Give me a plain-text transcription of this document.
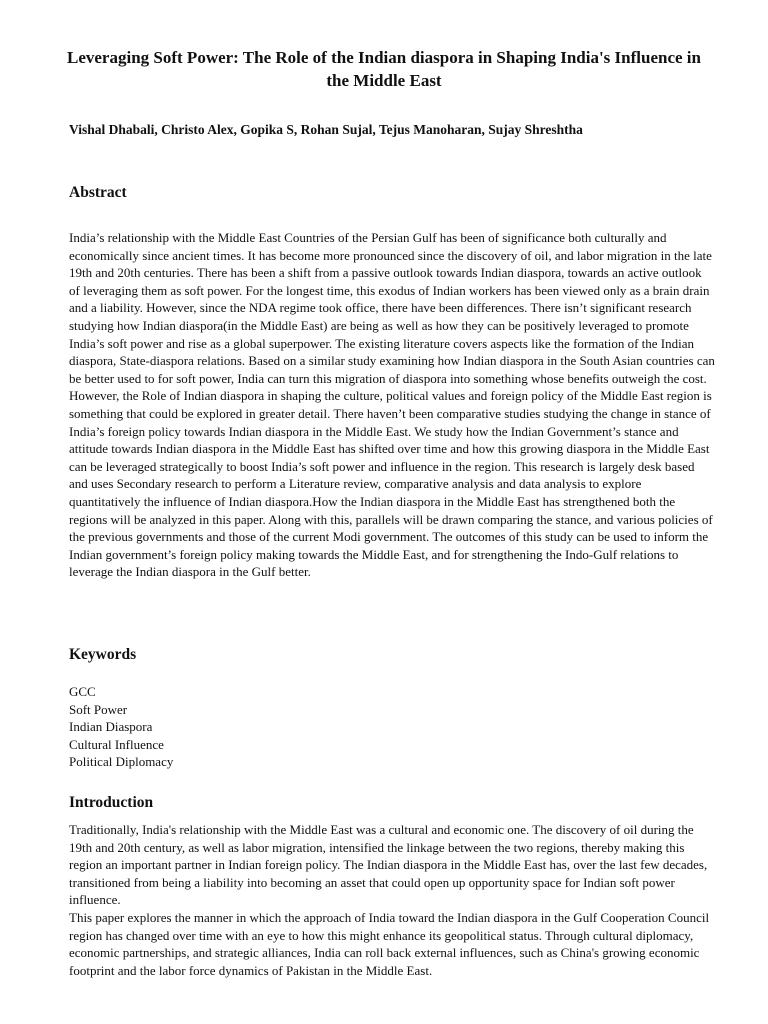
Leveraging Soft Power: The Role of the Indian diaspora in Shaping India's Influence in the Middle East
Vishal Dhabali, Christo Alex, Gopika S, Rohan Sujal, Tejus Manoharan, Sujay Shreshtha
Abstract

India’s relationship with the Middle East Countries of the Persian Gulf has been of significance both culturally and economically since ancient times. It has become more pronounced since the discovery of oil, and labor migration in the late 19th and 20th centuries. There has been a shift from a passive outlook towards Indian diaspora, towards an active outlook of leveraging them as soft power. For the longest time, this exodus of Indian workers has been viewed only as a brain drain and a liability. However, since the NDA regime took office, there have been differences. There isn’t significant research studying how Indian diaspora(in the Middle East) are being as well as how they can be positively leveraged to promote India’s soft power and rise as a global superpower. The existing literature covers aspects like the formation of the Indian diaspora, State-diaspora relations. Based on a similar study examining how Indian diaspora in the South Asian countries can be better used to for soft power, India can turn this migration of diaspora into something whose benefits outweigh the cost. However, the Role of Indian diaspora in shaping the culture, political values and foreign policy of the Middle East region is something that could be explored in greater detail. There haven’t been comparative studies studying the change in stance of India’s foreign policy towards Indian diaspora in the Middle East. We study how the Indian Government’s stance and attitude towards Indian diaspora in the Middle East has shifted over time and how this growing diaspora in the Middle East can be leveraged strategically to boost India’s soft power and influence in the region. This research is largely desk based and uses Secondary research to perform a Literature review, comparative analysis and data analysis to explore quantitatively the influence of Indian diaspora.How the Indian diaspora in the Middle East has strengthened both the regions will be analyzed in this paper. Along with this, parallels will be drawn comparing the stance, and various policies of the previous governments and those of the current Modi government. The outcomes of this study can be used to inform the Indian government’s foreign policy making towards the Middle East, and for strengthening the Indo-Gulf relations to leverage the Indian diaspora in the Gulf better.

Keywords
GCC
Soft Power
Indian Diaspora
Cultural Influence
Political Diplomacy
Introduction

Traditionally, India's relationship with the Middle East was a cultural and economic one. The discovery of oil during the 19th and 20th century, as well as labor migration, intensified the linkage between the two regions, thereby making this region an important partner in Indian foreign policy. The Indian diaspora in the Middle East has, over the last few decades, transitioned from being a liability into becoming an asset that could open up opportunity space for Indian soft power influence.

This paper explores the manner in which the approach of India toward the Indian diaspora in the Gulf Cooperation Council region has changed over time with an eye to how this might enhance its geopolitical status. Through cultural diplomacy, economic partnerships, and strategic alliances, India can roll back external influences, such as China's growing economic footprint and the labor force dynamics of Pakistan in the Middle East.
